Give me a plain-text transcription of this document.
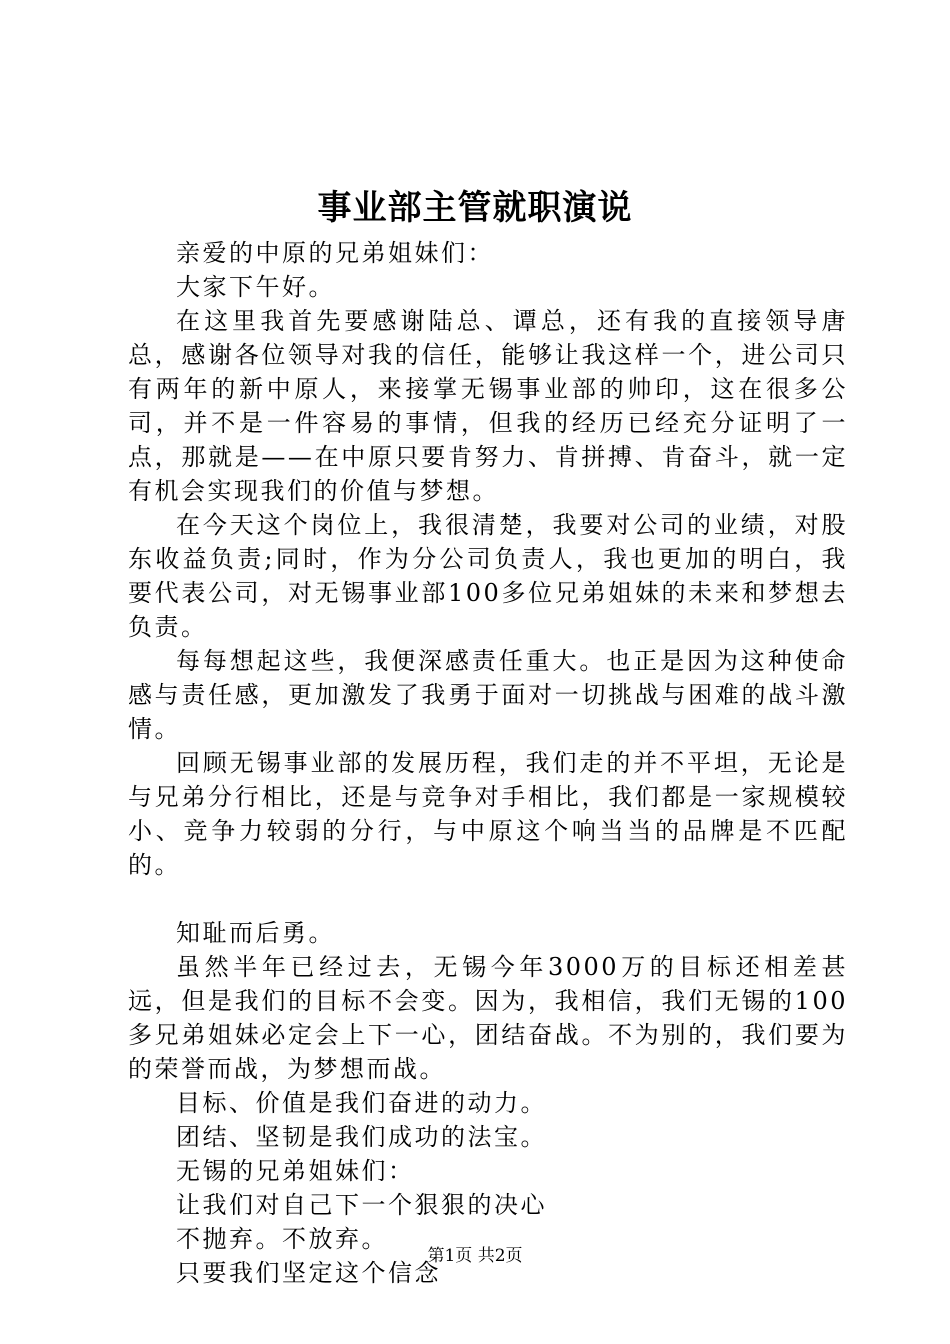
事业部主管就职演说

亲爱的中原的兄弟姐妹们：

大家下午好。

在这里我首先要感谢陆总、谭总，还有我的直接领导唐总，感谢各位领导对我的信任，能够让我这样一个，进公司只有两年的新中原人，来接掌无锡事业部的帅印，这在很多公司，并不是一件容易的事情，但我的经历已经充分证明了一点，那就是——在中原只要肯努力、肯拼搏、肯奋斗，就一定有机会实现我们的价值与梦想。

在今天这个岗位上，我很清楚，我要对公司的业绩，对股东收益负责;同时，作为分公司负责人，我也更加的明白，我要代表公司，对无锡事业部100多位兄弟姐妹的未来和梦想去负责。

每每想起这些，我便深感责任重大。也正是因为这种使命感与责任感，更加激发了我勇于面对一切挑战与困难的战斗激情。

回顾无锡事业部的发展历程，我们走的并不平坦，无论是与兄弟分行相比，还是与竞争对手相比，我们都是一家规模较小、竞争力较弱的分行，与中原这个响当当的品牌是不匹配的。

知耻而后勇。

虽然半年已经过去，无锡今年3000万的目标还相差甚远，但是我们的目标不会变。因为，我相信，我们无锡的100多兄弟姐妹必定会上下一心，团结奋战。不为别的，我们要为的荣誉而战，为梦想而战。

目标、价值是我们奋进的动力。

团结、坚韧是我们成功的法宝。

无锡的兄弟姐妹们：

让我们对自己下一个狠狠的决心

不抛弃。不放弃。

只要我们坚定这个信念

第1页 共2页
